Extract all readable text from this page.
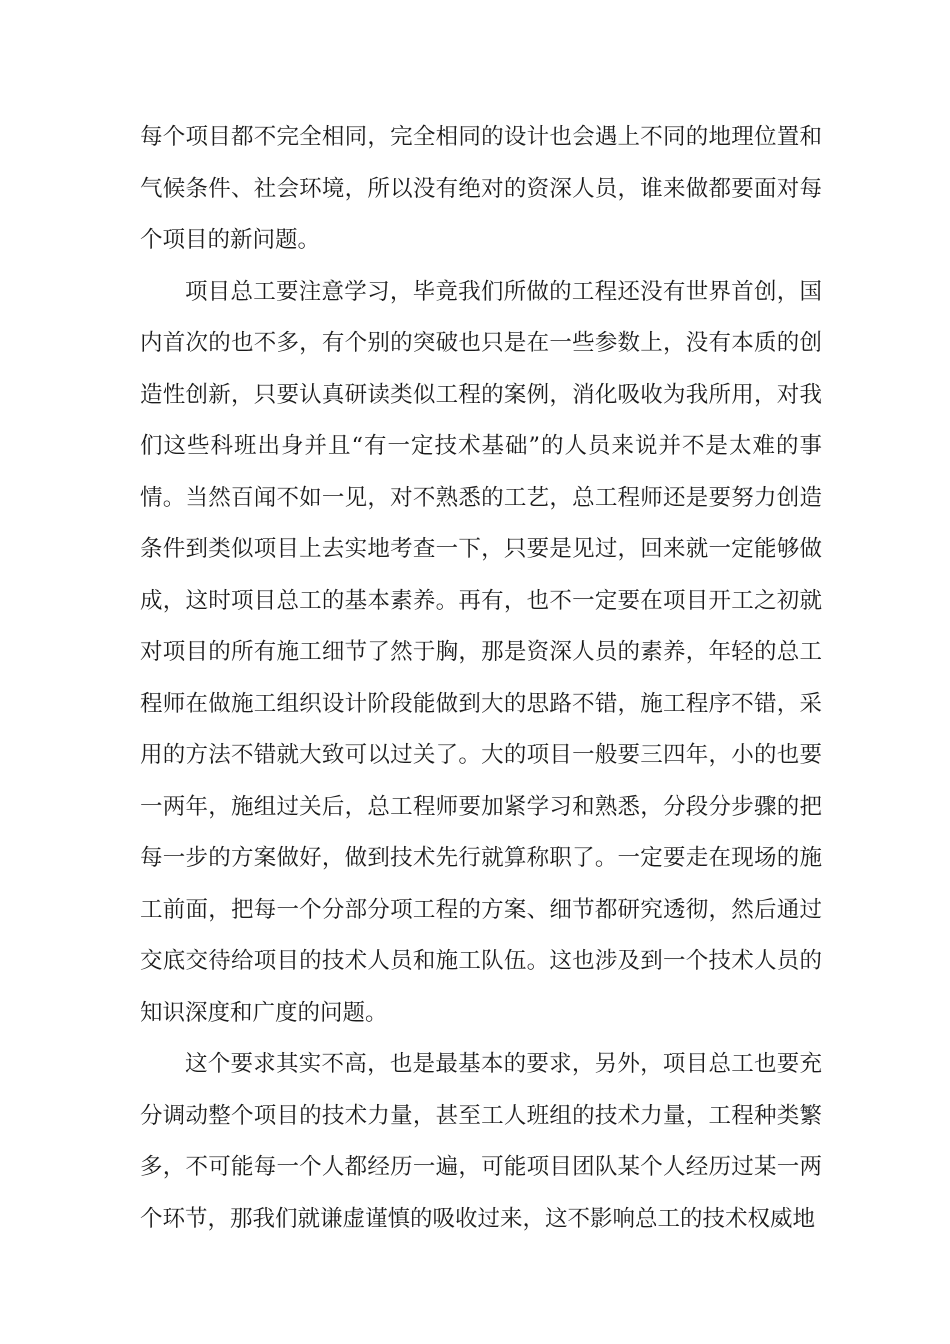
每个项目都不完全相同，完全相同的设计也会遇上不同的地理位置和气候条件、社会环境，所以没有绝对的资深人员，谁来做都要面对每个项目的新问题。

项目总工要注意学习，毕竟我们所做的工程还没有世界首创，国内首次的也不多，有个别的突破也只是在一些参数上，没有本质的创造性创新，只要认真研读类似工程的案例，消化吸收为我所用，对我们这些科班出身并且“有一定技术基础”的人员来说并不是太难的事情。当然百闻不如一见，对不熟悉的工艺，总工程师还是要努力创造条件到类似项目上去实地考查一下，只要是见过，回来就一定能够做成，这时项目总工的基本素养。再有，也不一定要在项目开工之初就对项目的所有施工细节了然于胸，那是资深人员的素养，年轻的总工程师在做施工组织设计阶段能做到大的思路不错，施工程序不错，采用的方法不错就大致可以过关了。大的项目一般要三四年，小的也要一两年，施组过关后，总工程师要加紧学习和熟悉，分段分步骤的把每一步的方案做好，做到技术先行就算称职了。一定要走在现场的施工前面，把每一个分部分项工程的方案、细节都研究透彻，然后通过交底交待给项目的技术人员和施工队伍。这也涉及到一个技术人员的知识深度和广度的问题。

这个要求其实不高，也是最基本的要求，另外，项目总工也要充分调动整个项目的技术力量，甚至工人班组的技术力量，工程种类繁多，不可能每一个人都经历一遍，可能项目团队某个人经历过某一两个环节，那我们就谦虚谨慎的吸收过来，这不影响总工的技术权威地
